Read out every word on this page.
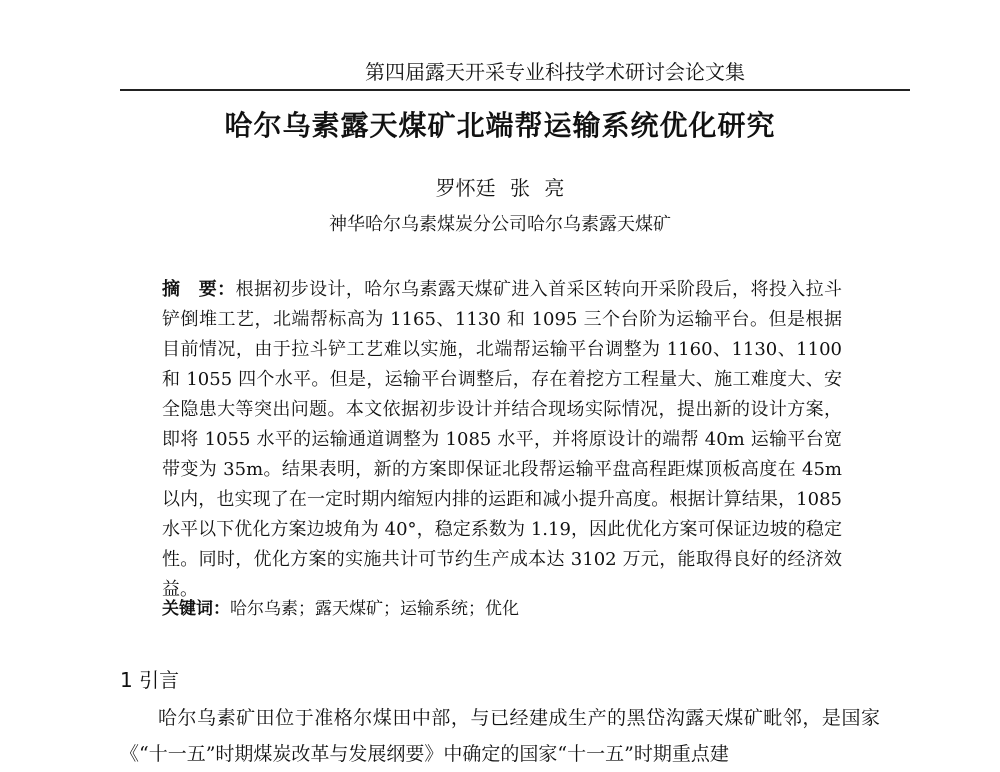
第四届露天开采专业科技学术研讨会论文集
哈尔乌素露天煤矿北端帮运输系统优化研究
罗怀廷 张 亮
神华哈尔乌素煤炭分公司哈尔乌素露天煤矿
摘　要：根据初步设计，哈尔乌素露天煤矿进入首采区转向开采阶段后，将投入拉斗铲倒堆工艺，北端帮标高为 1165、1130 和 1095 三个台阶为运输平台。但是根据目前情况，由于拉斗铲工艺难以实施，北端帮运输平台调整为 1160、1130、1100 和 1055 四个水平。但是，运输平台调整后，存在着挖方工程量大、施工难度大、安全隐患大等突出问题。本文依据初步设计并结合现场实际情况，提出新的设计方案，即将 1055 水平的运输通道调整为 1085 水平，并将原设计的端帮 40m 运输平台宽带变为 35m。结果表明，新的方案即保证北段帮运输平盘高程距煤顶板高度在 45m 以内，也实现了在一定时期内缩短内排的运距和减小提升高度。根据计算结果，1085 水平以下优化方案边坡角为 40°，稳定系数为 1.19，因此优化方案可保证边坡的稳定性。同时，优化方案的实施共计可节约生产成本达 3102 万元，能取得良好的经济效益。
关键词：哈尔乌素；露天煤矿；运输系统；优化
1 引言
哈尔乌素矿田位于准格尔煤田中部，与已经建成生产的黑岱沟露天煤矿毗邻，是国家《“十一五”时期煤炭改革与发展纲要》中确定的国家“十一五”时期重点建
